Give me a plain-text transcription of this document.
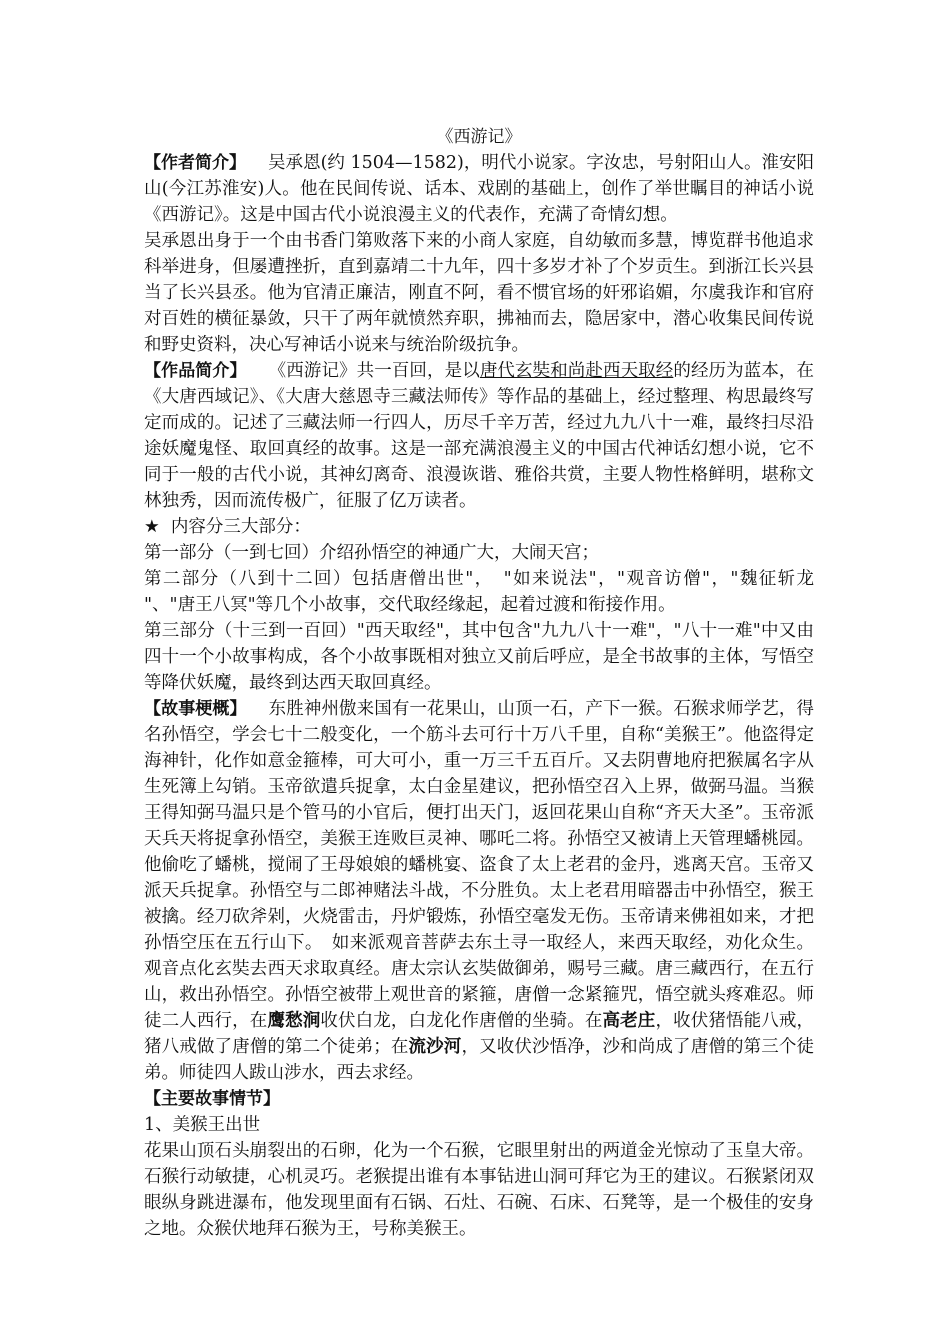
《西游记》

【作者简介】 吴承恩(约 1504—1582)，明代小说家。字汝忠，号射阳山人。淮安阳山(今江苏淮安)人。他在民间传说、话本、戏剧的基础上，创作了举世瞩目的神话小说《西游记》。这是中国古代小说浪漫主义的代表作，充满了奇情幻想。

吴承恩出身于一个由书香门第败落下来的小商人家庭，自幼敏而多慧，博览群书他追求科举进身，但屡遭挫折，直到嘉靖二十九年，四十多岁才补了个岁贡生。到浙江长兴县当了长兴县丞。他为官清正廉洁，刚直不阿，看不惯官场的奸邪谄媚，尔虞我诈和官府对百姓的横征暴敛，只干了两年就愤然弃职，拂袖而去，隐居家中，潜心收集民间传说和野史资料，决心写神话小说来与统治阶级抗争。

【作品简介】 《西游记》共一百回，是以唐代玄奘和尚赴西天取经的经历为蓝本，在《大唐西域记》、《大唐大慈恩寺三藏法师传》等作品的基础上，经过整理、构思最终写定而成的。记述了三藏法师一行四人，历尽千辛万苦，经过九九八十一难，最终扫尽沿途妖魔鬼怪、取回真经的故事。这是一部充满浪漫主义的中国古代神话幻想小说，它不同于一般的古代小说，其神幻离奇、浪漫诙谐、雅俗共赏，主要人物性格鲜明，堪称文林独秀，因而流传极广，征服了亿万读者。

★ 内容分三大部分：

第一部分（一到七回）介绍孙悟空的神通广大，大闹天宫；

第二部分（八到十二回）包括唐僧出世"，　"如来说法"，"观音访僧"，"魏征斩龙 "、"唐王八冥"等几个小故事，交代取经缘起，起着过渡和衔接作用。

第三部分（十三到一百回）"西天取经"，其中包含"九九八十一难"，"八十一难"中又由四十一个小故事构成，各个小故事既相对独立又前后呼应，是全书故事的主体，写悟空等降伏妖魔，最终到达西天取回真经。

【故事梗概】 东胜神州傲来国有一花果山，山顶一石，产下一猴。石猴求师学艺，得名孙悟空，学会七十二般变化，一个筋斗去可行十万八千里，自称“美猴王”。他盗得定海神针，化作如意金箍棒，可大可小，重一万三千五百斤。又去阴曹地府把猴属名字从生死簿上勾销。玉帝欲遣兵捉拿，太白金星建议，把孙悟空召入上界，做弼马温。当猴王得知弼马温只是个管马的小官后，便打出天门，返回花果山自称“齐天大圣”。玉帝派天兵天将捉拿孙悟空，美猴王连败巨灵神、哪吒二将。孙悟空又被请上天管理蟠桃园。他偷吃了蟠桃，搅闹了王母娘娘的蟠桃宴、盗食了太上老君的金丹，逃离天宫。玉帝又派天兵捉拿。孙悟空与二郎神赌法斗战，不分胜负。太上老君用暗器击中孙悟空，猴王被擒。经刀砍斧剁，火烧雷击，丹炉锻炼，孙悟空毫发无伤。玉帝请来佛祖如来，才把孙悟空压在五行山下。　如来派观音菩萨去东土寻一取经人，来西天取经，劝化众生。观音点化玄奘去西天求取真经。唐太宗认玄奘做御弟，赐号三藏。唐三藏西行，在五行山，救出孙悟空。孙悟空被带上观世音的紧箍，唐僧一念紧箍咒，悟空就头疼难忍。师徒二人西行，在鹰愁涧收伏白龙，白龙化作唐僧的坐骑。在高老庄，收伏猪悟能八戒，猪八戒做了唐僧的第二个徒弟；在流沙河，又收伏沙悟净，沙和尚成了唐僧的第三个徒弟。师徒四人跋山涉水，西去求经。

【主要故事情节】

1、美猴王出世

花果山顶石头崩裂出的石卵，化为一个石猴，它眼里射出的两道金光惊动了玉皇大帝。石猴行动敏捷，心机灵巧。老猴提出谁有本事钻进山洞可拜它为王的建议。石猴紧闭双眼纵身跳进瀑布，他发现里面有石锅、石灶、石碗、石床、石凳等，是一个极佳的安身之地。众猴伏地拜石猴为王，号称美猴王。
